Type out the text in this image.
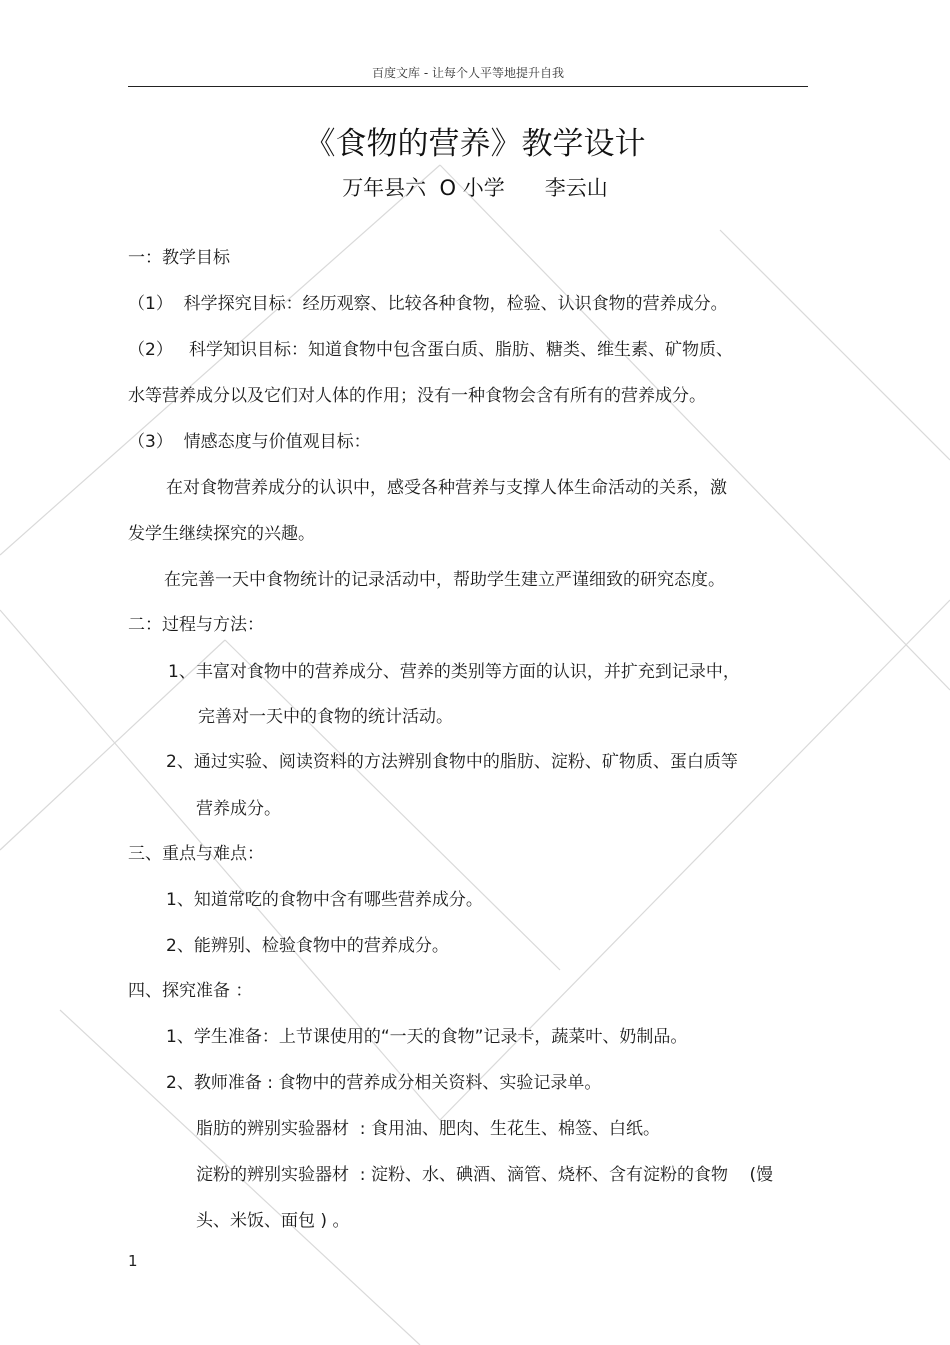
百度文库 - 让每个人平等地提升自我
《食物的营养》教学设计
万年县六  O 小学      李云山
一：教学目标
（1）  科学探究目标：经历观察、比较各种食物，检验、认识食物的营养成分。
（2）   科学知识目标：知道食物中包含蛋白质、脂肪、糖类、维生素、矿物质、
水等营养成分以及它们对人体的作用；没有一种食物会含有所有的营养成分。
（3）  情感态度与价值观目标：
在对食物营养成分的认识中，感受各种营养与支撑人体生命活动的关系，激
发学生继续探究的兴趣。
在完善一天中食物统计的记录活动中，帮助学生建立严谨细致的研究态度。
二：过程与方法：
1、丰富对食物中的营养成分、营养的类别等方面的认识，并扩充到记录中，
完善对一天中的食物的统计活动。
2、通过实验、阅读资料的方法辨别食物中的脂肪、淀粉、矿物质、蛋白质等
营养成分。
三、重点与难点：
1、知道常吃的食物中含有哪些营养成分。
2、能辨别、检验食物中的营养成分。
四、探究准备 ：
1、学生准备：上节课使用的“一天的食物”记录卡，蔬菜叶、奶制品。
2、教师准备 : 食物中的营养成分相关资料、实验记录单。
脂肪的辨别实验器材  : 食用油、肥肉、生花生、棉签、白纸。
淀粉的辨别实验器材  : 淀粉、水、碘酒、滴管、烧杯、含有淀粉的食物    (馒
头、米饭、面包 ) 。
1
